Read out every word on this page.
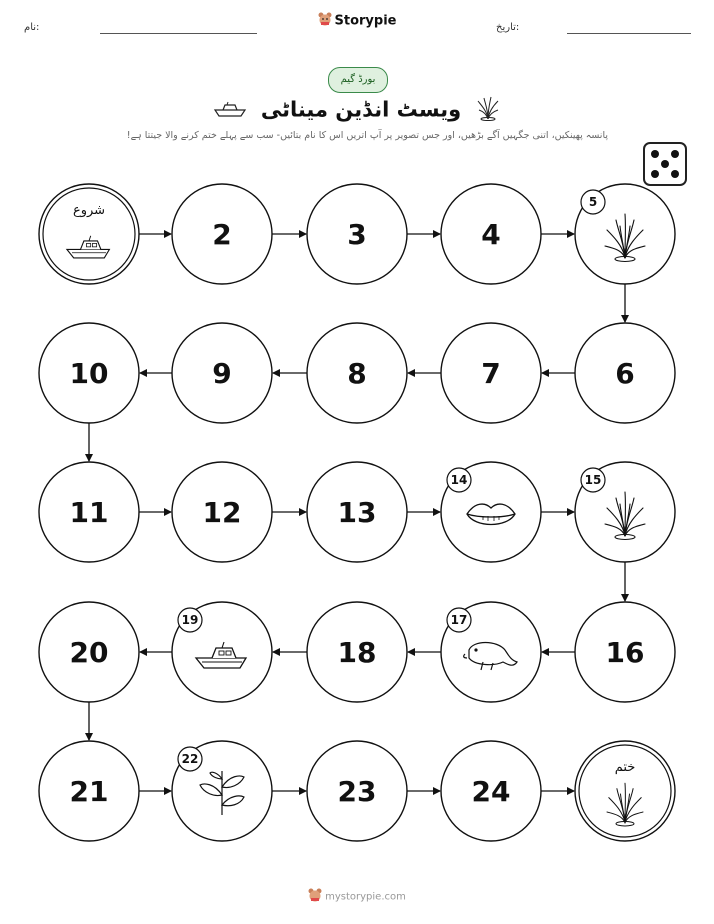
Storypie
نام:	تاریخ:
بورڈ گیم
ویسٹ انڈین میناٹی
پانسہ پھینکیں، اتنی جگہیں آگے بڑھیں، اور جس تصویر پر آپ اتریں اس کا نام بتائیں- سب سے پہلے ختم کرنے والا جیتتا ہے!
شروع
2	3	4
5
6
7
8
9
10
11	12	13
14	15
16
17
18
19
20
21
22
23	24
ختم
mystorypie.com
